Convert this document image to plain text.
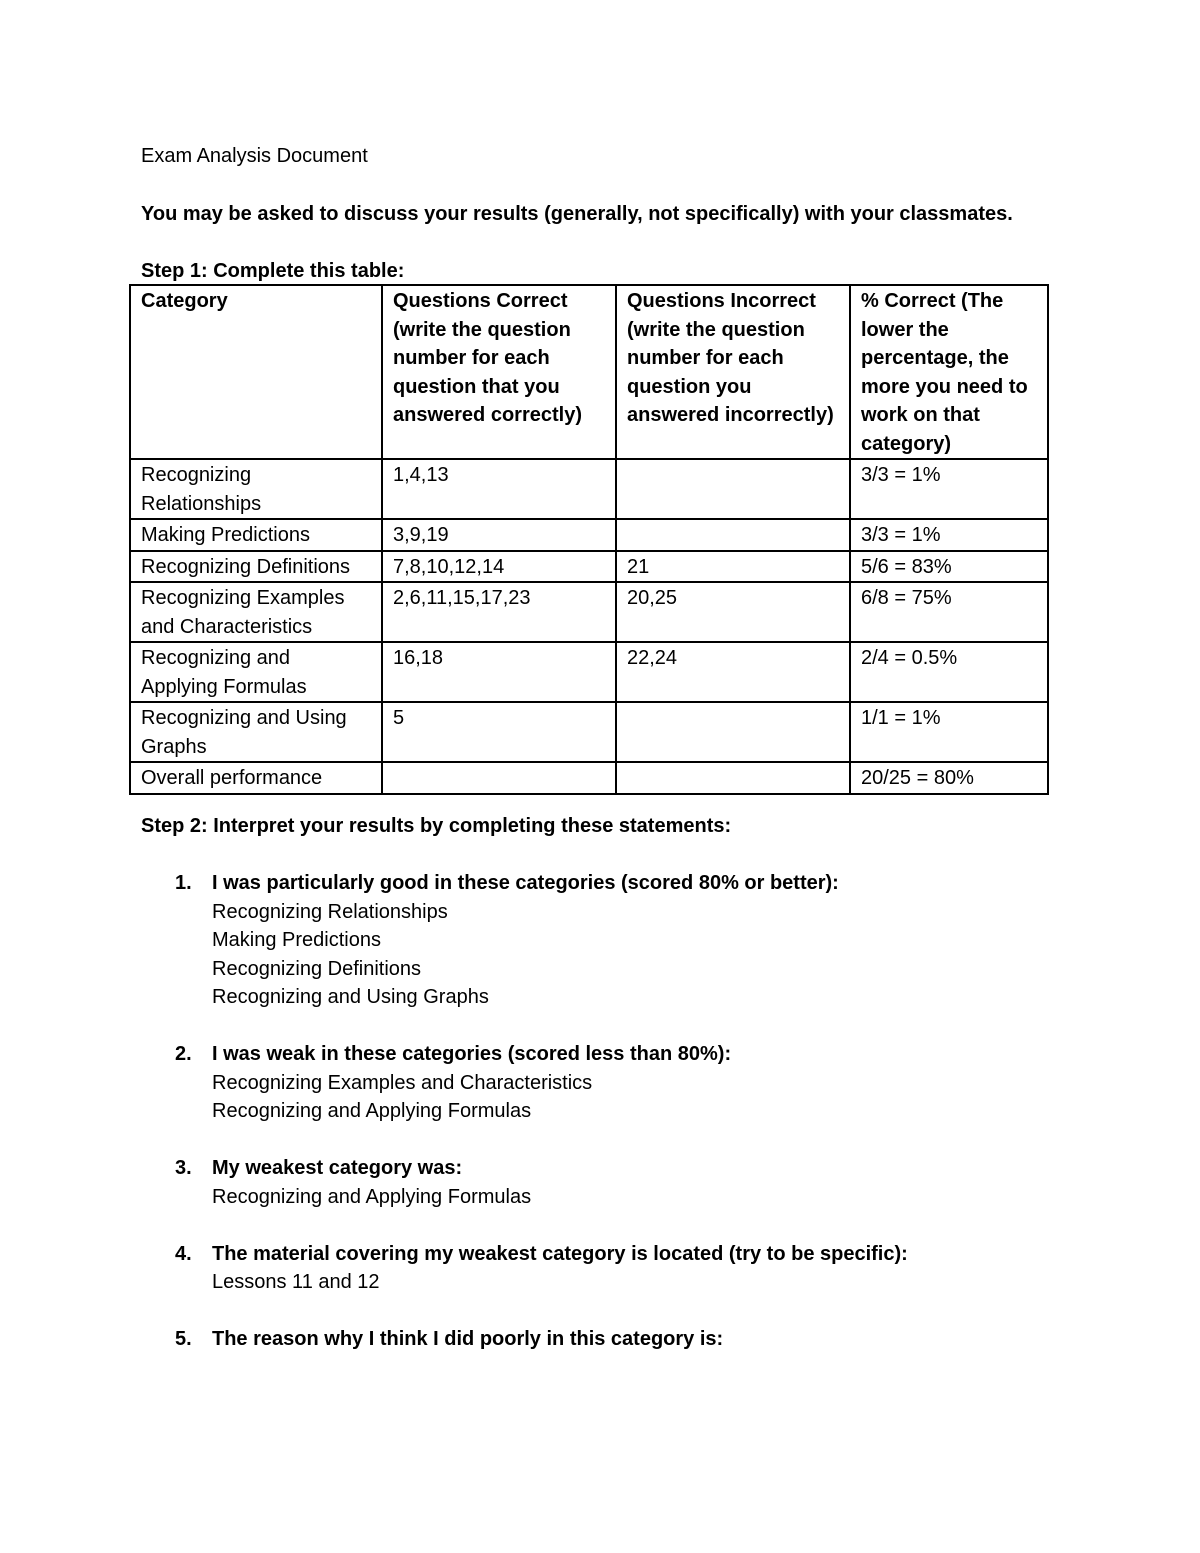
Exam Analysis Document

You may be asked to discuss your results (generally, not specifically) with your classmates.

Step 1: Complete this table:

Category	Questions Correct (write the question number for each question that you answered correctly)	Questions Incorrect (write the question number for each question you answered incorrectly)	% Correct (The lower the percentage, the more you need to work on that category)
Recognizing Relationships	1,4,13		3/3 = 1%
Making Predictions	3,9,19		3/3 = 1%
Recognizing Definitions	7,8,10,12,14	21	5/6 = 83%
Recognizing Examples and Characteristics	2,6,11,15,17,23	20,25	6/8 = 75%
Recognizing and Applying Formulas	16,18	22,24	2/4 = 0.5%
Recognizing and Using Graphs	5		1/1 = 1%
Overall performance			20/25 = 80%

Step 2: Interpret your results by completing these statements:

1. I was particularly good in these categories (scored 80% or better):
Recognizing Relationships
Making Predictions
Recognizing Definitions
Recognizing and Using Graphs
2. I was weak in these categories (scored less than 80%):
Recognizing Examples and Characteristics
Recognizing and Applying Formulas
3. My weakest category was:
Recognizing and Applying Formulas
4. The material covering my weakest category is located (try to be specific):
Lessons 11 and 12
5. The reason why I think I did poorly in this category is:
